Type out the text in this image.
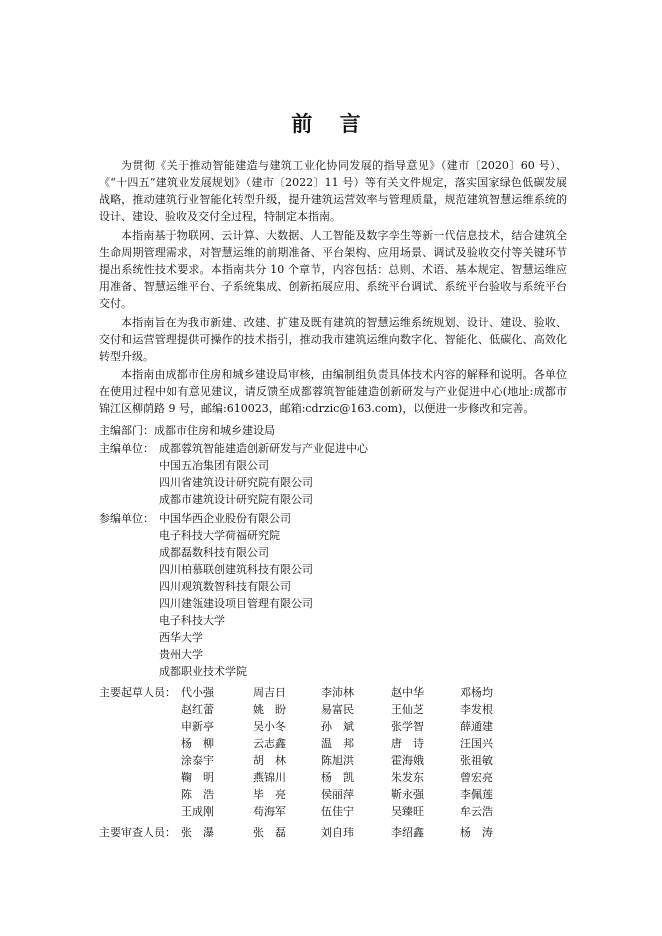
前 言

为贯彻《关于推动智能建造与建筑工业化协同发展的指导意见》（建市〔2020〕60 号）、《“十四五”建筑业发展规划》（建市〔2022〕11 号）等有关文件规定，落实国家绿色低碳发展战略，推动建筑行业智能化转型升级，提升建筑运营效率与管理质量，规范建筑智慧运维系统的设计、建设、验收及交付全过程，特制定本指南。

本指南基于物联网、云计算、大数据、人工智能及数字孪生等新一代信息技术，结合建筑全生命周期管理需求，对智慧运维的前期准备、平台架构、应用场景、调试及验收交付等关键环节提出系统性技术要求。本指南共分 10 个章节，内容包括：总则、术语、基本规定、智慧运维应用准备、智慧运维平台、子系统集成、创新拓展应用、系统平台调试、系统平台验收与系统平台交付。

本指南旨在为我市新建、改建、扩建及既有建筑的智慧运维系统规划、设计、建设、验收、交付和运营管理提供可操作的技术指引，推动我市建筑运维向数字化、智能化、低碳化、高效化转型升级。

本指南由成都市住房和城乡建设局审核，由编制组负责具体技术内容的解释和说明。各单位在使用过程中如有意见建议，请反馈至成都蓉筑智能建造创新研发与产业促进中心(地址:成都市锦江区柳荫路 9 号，邮编:610023，邮箱:cdrzic@163.com)，以便进一步修改和完善。

主编部门：成都市住房和城乡建设局
主编单位： 成都蓉筑智能建造创新研发与产业促进中心
中国五冶集团有限公司
四川省建筑设计研究院有限公司
成都市建筑设计研究院有限公司
参编单位： 中国华西企业股份有限公司
电子科技大学荷福研究院
成都磊数科技有限公司
四川柏慕联创建筑科技有限公司
四川观筑数智科技有限公司
四川建瓴建设项目管理有限公司
电子科技大学
西华大学
贵州大学
成都职业技术学院
主要起草人员： 代小强	周吉日	李沛林	赵中华	邓杨均
赵红蕾	姚　盼	易富民	王仙芝	李发根
申新亭	吴小冬	孙　斌	张学智	薛通建
杨　柳	云志鑫	温　邦	唐　诗	汪国兴
涂泰宇	胡　林	陈旭洪	霍海娥	张祖敏
鞠　明	燕锦川	杨　凯	朱发东	曾宏亮
陈　浩	毕　亮	侯丽萍	靳永强	李佩莲
王成刚	苟海军	伍佳宁	吴臻旺	牟云浩
主要审查人员： 张　瀑	张　磊	刘自玮	李绍鑫	杨　涛
